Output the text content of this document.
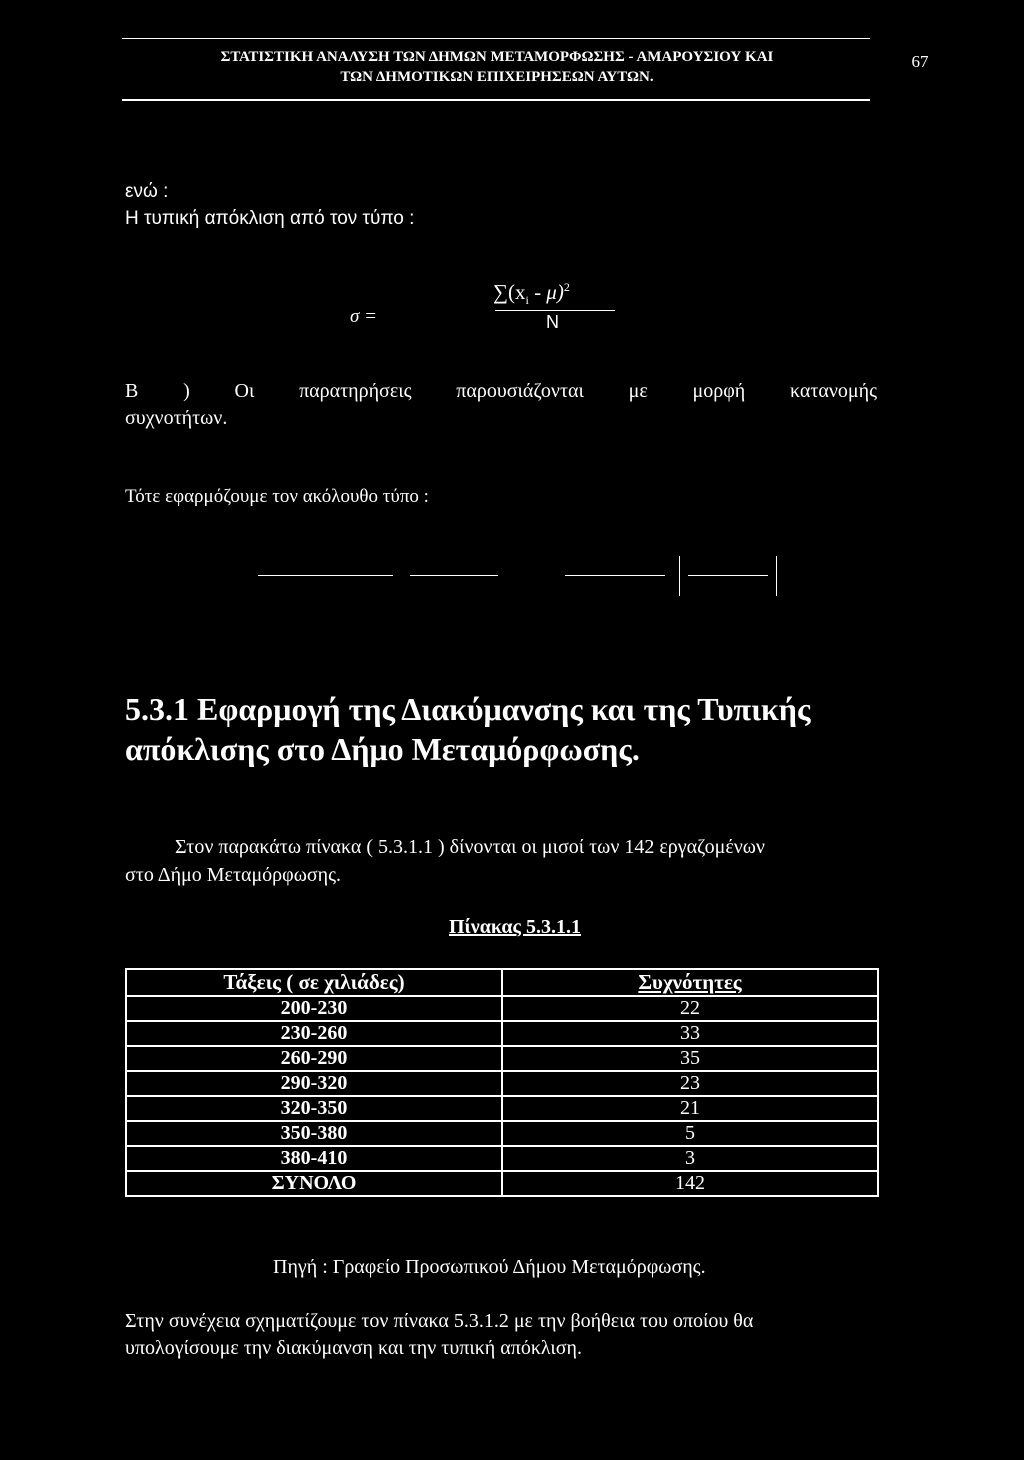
ΣΤΑΤΙΣΤΙΚΗ ΑΝΑΛΥΣΗ ΤΩΝ ΔΗΜΩΝ ΜΕΤΑΜΟΡΦΩΣΗΣ - ΑΜΑΡΟΥΣΙΟΥ ΚΑΙ
ΤΩΝ ΔΗΜΟΤΙΚΩΝ ΕΠΙΧΕΙΡΗΣΕΩΝ ΑΥΤΩΝ.
67
ενώ :
Η τυπική απόκλιση από τον τύπο :
σ =
$\sum(x_i - \mu)^2$
N
Β ) Οι παρατηρήσεις παρουσιάζονται με μορφή κατανομής
συχνοτήτων.
Τότε εφαρμόζουμε τον ακόλουθο τύπο :
5.3.1 Εφαρμογή της Διακύμανσης και της Τυπικής
απόκλισης στο Δήμο Μεταμόρφωσης.
Στον παρακάτω πίνακα ( 5.3.1.1 ) δίνονται οι μισοί των 142 εργαζομένων
στο Δήμο Μεταμόρφωσης.
Πίνακας 5.3.1.1
Τάξεις ( σε χιλιάδες)	Συχνότητες
200-230	22
230-260	33
260-290	35
290-320	23
320-350	21
350-380	5
380-410	3
ΣΥΝΟΛΟ	142
Πηγή : Γραφείο Προσωπικού Δήμου Μεταμόρφωσης.
Στην συνέχεια σχηματίζουμε τον πίνακα 5.3.1.2 με την βοήθεια του οποίου θα
υπολογίσουμε την διακύμανση και την τυπική απόκλιση.
